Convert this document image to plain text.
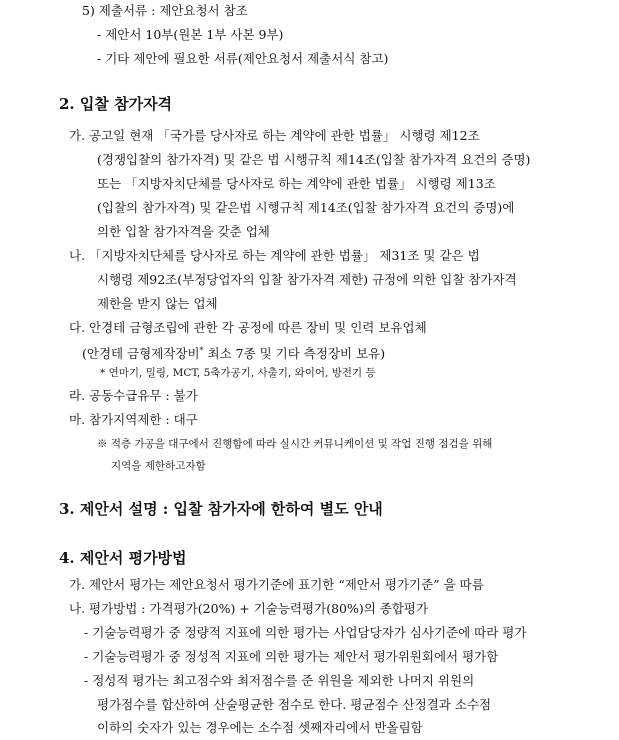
5) 제출서류 : 제안요청서 참조
- 제안서 10부(원본 1부 사본 9부)
- 기타 제안에 필요한 서류(제안요청서 제출서식 참고)
2. 입찰 참가자격
가. 공고일 현재 「국가를 당사자로 하는 계약에 관한 법률」 시행령 제12조
(경쟁입찰의 참가자격) 및 같은 법 시행규칙 제14조(입찰 참가자격 요건의 증명)
또는 「지방자치단체를 당사자로 하는 계약에 관한 법률」 시행령 제13조
(입찰의 참가자격) 및 같은법 시행규칙 제14조(입찰 참가자격 요건의 증명)에
의한 입찰 참가자격을 갖춘 업체
나. 「지방자치단체를 당사자로 하는 계약에 관한 법률」 제31조 및 같은 법
시행령 제92조(부정당업자의 입찰 참가자격 제한) 규정에 의한 입찰 참가자격
제한을 받지 않는 업체
다. 안경테 금형조립에 관한 각 공정에 따른 장비 및 인력 보유업체
(안경테 금형제작장비* 최소 7종 및 기타 측정장비 보유)
* 연마기, 밀링, MCT, 5축가공기, 사출기, 와이어, 방전기 등
라. 공동수급유무 : 불가
마. 참가지역제한 : 대구
※ 적층 가공을 대구에서 진행함에 따라 실시간 커뮤니케이션 및 작업 진행 점검을 위해
지역을 제한하고자함
3. 제안서 설명 : 입찰 참가자에 한하여 별도 안내
4. 제안서 평가방법
가. 제안서 평가는 제안요청서 평가기준에 표기한 “제안서 평가기준” 을 따름
나. 평가방법 : 가격평가(20%) + 기술능력평가(80%)의 종합평가
- 기술능력평가 중 정량적 지표에 의한 평가는 사업담당자가 심사기준에 따라 평가
- 기술능력평가 중 정성적 지표에 의한 평가는 제안서 평가위원회에서 평가함
- 정성적 평가는 최고점수와 최저점수를 준 위원을 제외한 나머지 위원의
평가점수를 합산하여 산술평균한 점수로 한다. 평균점수 산정결과 소수점
이하의 숫자가 있는 경우에는 소수점 셋째자리에서 반올림함
